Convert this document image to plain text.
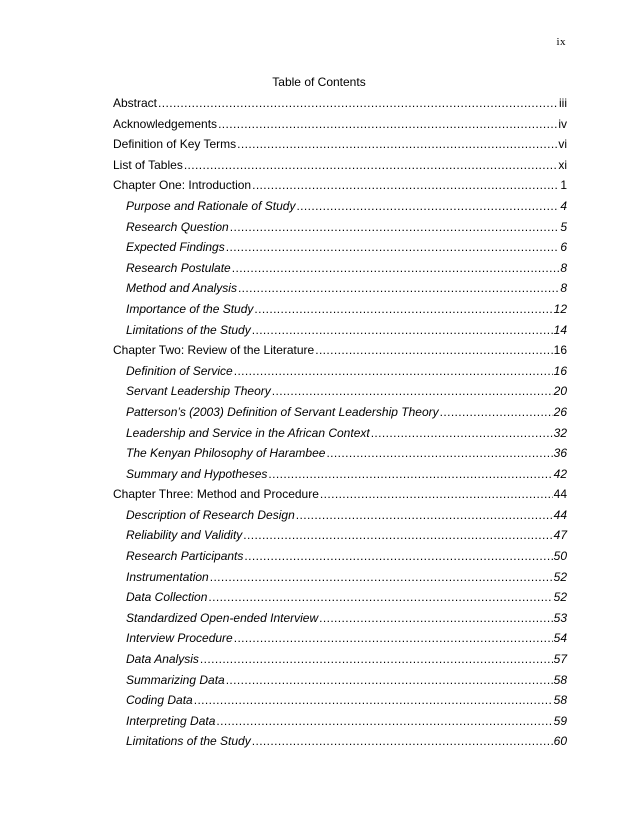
ix
Table of Contents
Abstract .....	iii
Acknowledgements .....	iv
Definition of Key Terms .....	vi
List of Tables .....	xi
Chapter One: Introduction .....	1
Purpose and Rationale of Study .....	4
Research Question .....	5
Expected Findings .....	6
Research Postulate .....	8
Method and Analysis .....	8
Importance of the Study .....	12
Limitations of the Study .....	14
Chapter Two: Review of the Literature .....	16
Definition of Service .....	16
Servant Leadership Theory .....	20
Patterson’s (2003) Definition of Servant Leadership Theory .....	26
Leadership and Service in the African Context .....	32
The Kenyan Philosophy of Harambee .....	36
Summary and Hypotheses .....	42
Chapter Three: Method and Procedure .....	44
Description of Research Design .....	44
Reliability and Validity .....	47
Research Participants .....	50
Instrumentation .....	52
Data Collection .....	52
Standardized Open-ended Interview .....	53
Interview Procedure .....	54
Data Analysis .....	57
Summarizing Data .....	58
Coding Data .....	58
Interpreting Data .....	59
Limitations of the Study .....	60
